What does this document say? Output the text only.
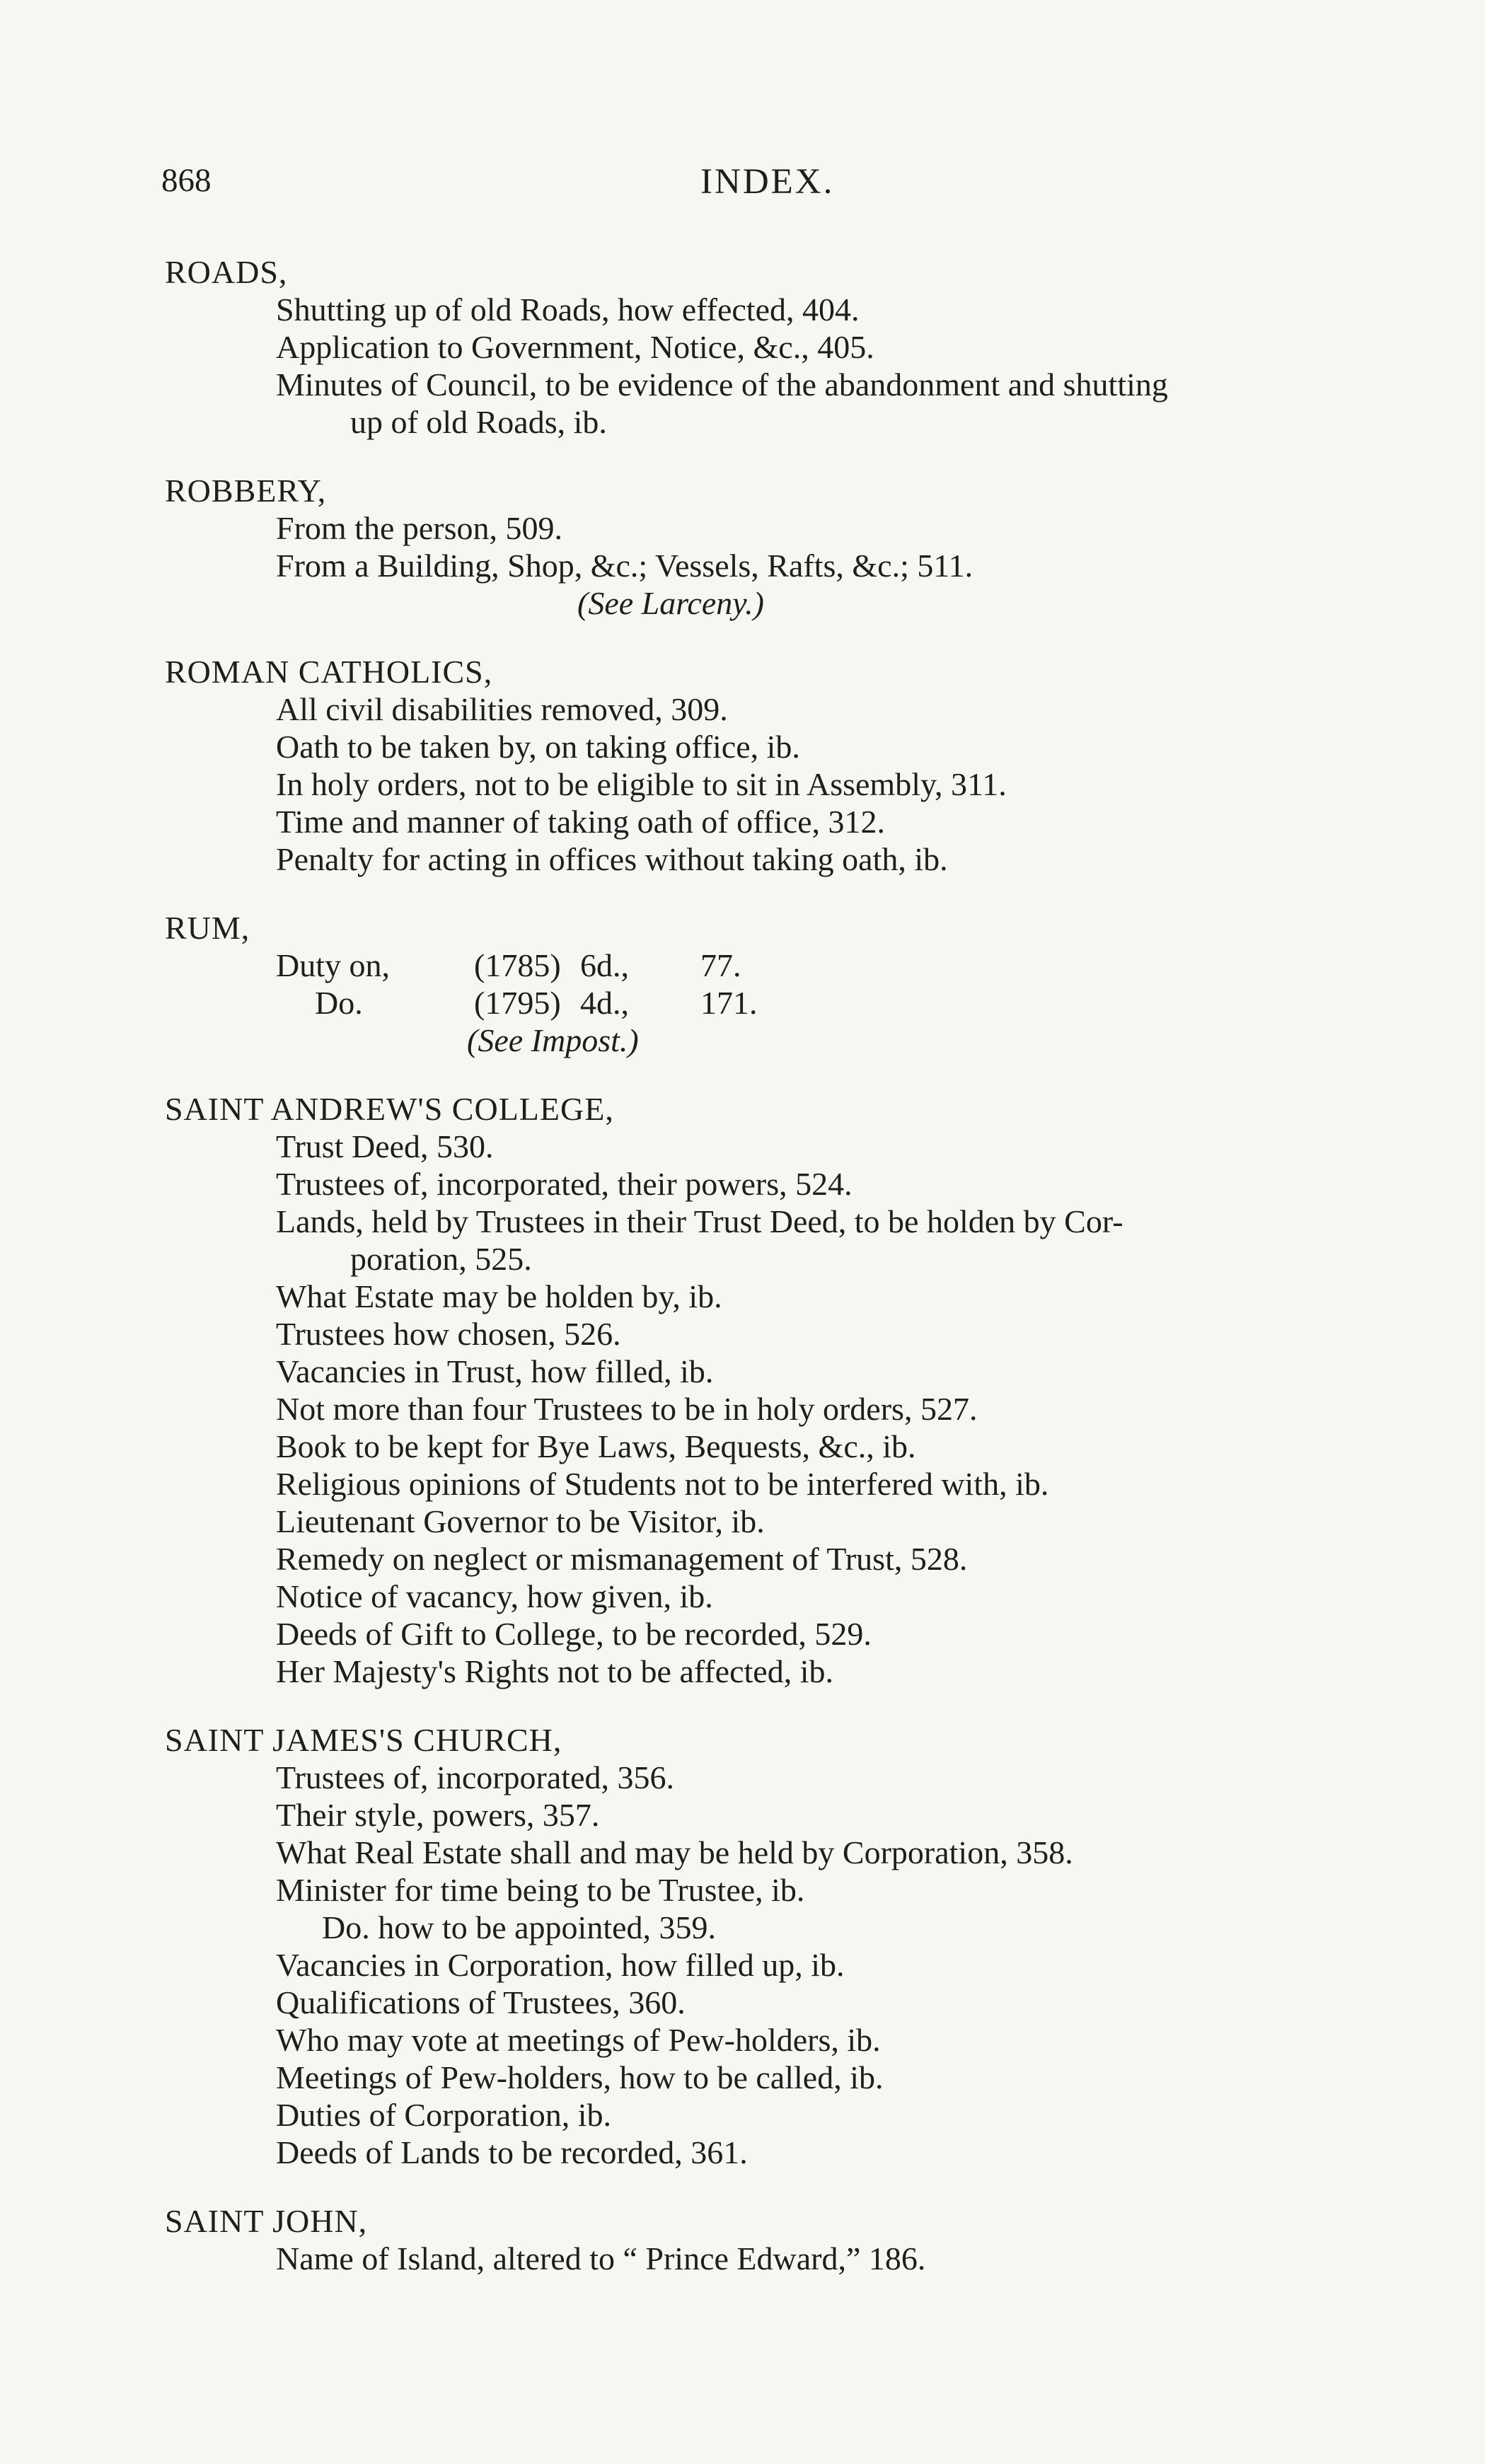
868	INDEX.
ROADS,
Shutting up of old Roads, how effected, 404.
Application to Government, Notice, &c., 405.
Minutes of Council, to be evidence of the abandonment and shutting
up of old Roads, ib.
ROBBERY,
From the person, 509.
From a Building, Shop, &c.; Vessels, Rafts, &c.; 511.
(See Larceny.)
ROMAN CATHOLICS,
All civil disabilities removed, 309.
Oath to be taken by, on taking office, ib.
In holy orders, not to be eligible to sit in Assembly, 311.
Time and manner of taking oath of office, 312.
Penalty for acting in offices without taking oath, ib.
RUM,
Duty on,	(1785) 6d.,	77.
Do.	(1795) 4d.,	171.
(See Impost.)
SAINT ANDREW'S COLLEGE,
Trust Deed, 530.
Trustees of, incorporated, their powers, 524.
Lands, held by Trustees in their Trust Deed, to be holden by Cor-
poration, 525.
What Estate may be holden by, ib.
Trustees how chosen, 526.
Vacancies in Trust, how filled, ib.
Not more than four Trustees to be in holy orders, 527.
Book to be kept for Bye Laws, Bequests, &c., ib.
Religious opinions of Students not to be interfered with, ib.
Lieutenant Governor to be Visitor, ib.
Remedy on neglect or mismanagement of Trust, 528.
Notice of vacancy, how given, ib.
Deeds of Gift to College, to be recorded, 529.
Her Majesty's Rights not to be affected, ib.
SAINT JAMES'S CHURCH,
Trustees of, incorporated, 356.
Their style, powers, 357.
What Real Estate shall and may be held by Corporation, 358.
Minister for time being to be Trustee, ib.
Do. how to be appointed, 359.
Vacancies in Corporation, how filled up, ib.
Qualifications of Trustees, 360.
Who may vote at meetings of Pew-holders, ib.
Meetings of Pew-holders, how to be called, ib.
Duties of Corporation, ib.
Deeds of Lands to be recorded, 361.
SAINT JOHN,
Name of Island, altered to “ Prince Edward,” 186.
